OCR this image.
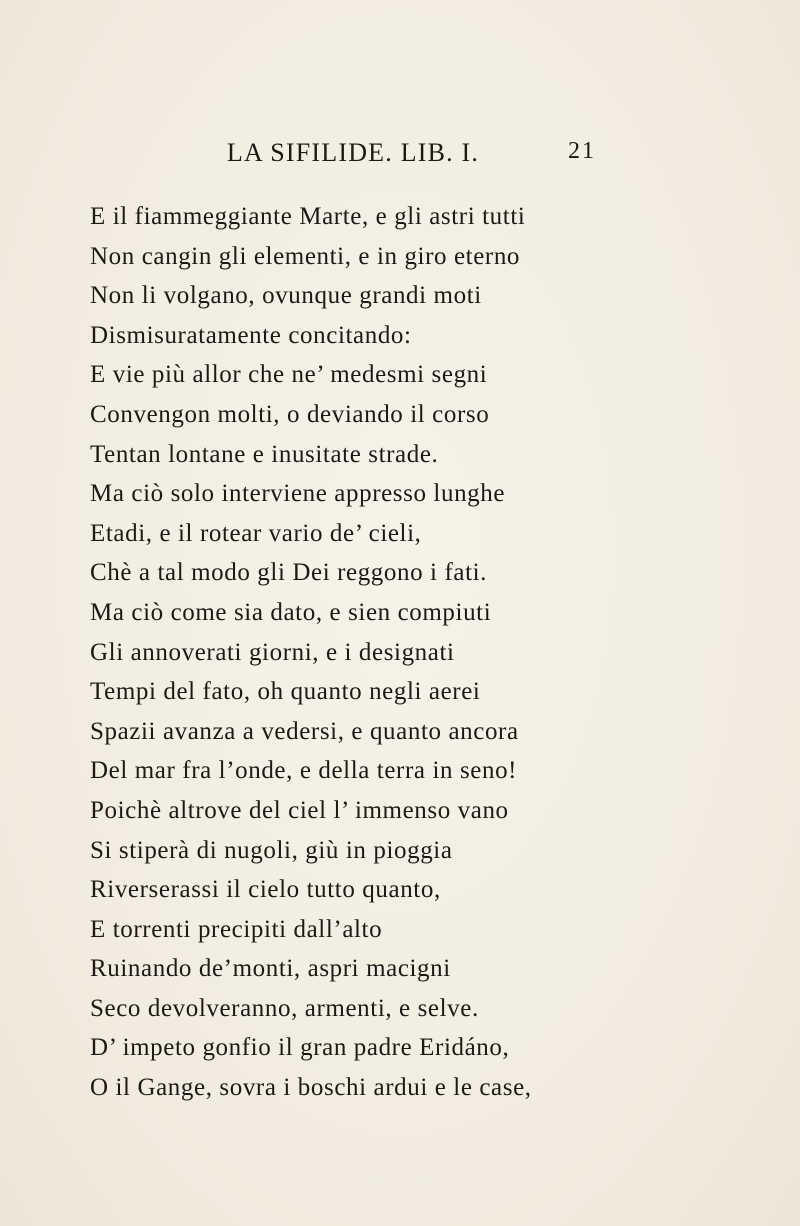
LA SIFILIDE. LIB. I.	21
E il fiammeggiante Marte, e gli astri tutti
Non cangin gli elementi, e in giro eterno
Non li volgano, ovunque grandi moti
Dismisuratamente concitando:
E vie più allor che ne’ medesmi segni
Convengon molti, o deviando il corso
Tentan lontane e inusitate strade.
Ma ciò solo interviene appresso lunghe
Etadi, e il rotear vario de’ cieli,
Chè a tal modo gli Dei reggono i fati.
Ma ciò come sia dato, e sien compiuti
Gli annoverati giorni, e i designati
Tempi del fato, oh quanto negli aerei
Spazii avanza a vedersi, e quanto ancora
Del mar fra l’onde, e della terra in seno!
Poichè altrove del ciel l’ immenso vano
Si stiperà di nugoli, giù in pioggia
Riverserassi il cielo tutto quanto,
E torrenti precipiti dall’alto
Ruinando de’monti, aspri macigni
Seco devolveranno, armenti, e selve.
D’ impeto gonfio il gran padre Eridáno,
O il Gange, sovra i boschi ardui e le case,
